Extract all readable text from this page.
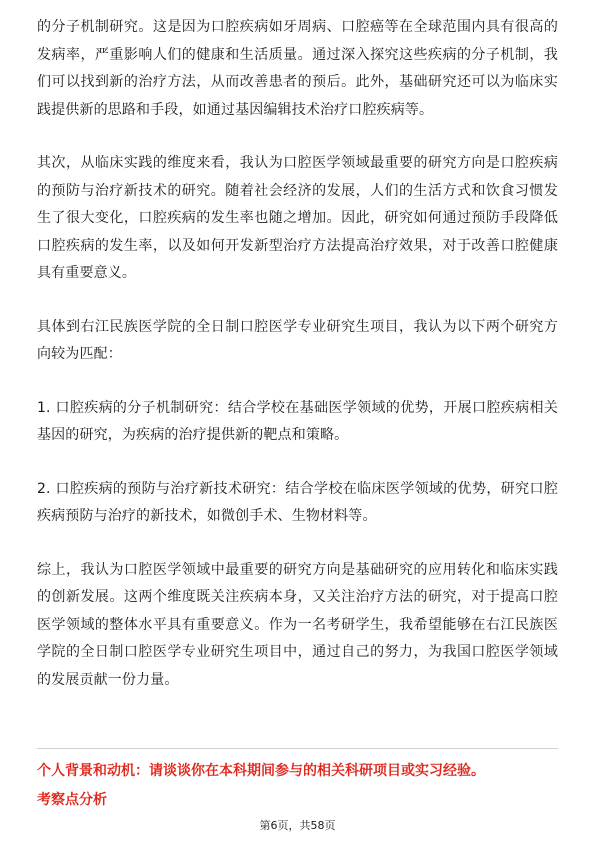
的分子机制研究。这是因为口腔疾病如牙周病、口腔癌等在全球范围内具有很高的发病率，严重影响人们的健康和生活质量。通过深入探究这些疾病的分子机制，我们可以找到新的治疗方法，从而改善患者的预后。此外，基础研究还可以为临床实践提供新的思路和手段，如通过基因编辑技术治疗口腔疾病等。

其次，从临床实践的维度来看，我认为口腔医学领域最重要的研究方向是口腔疾病的预防与治疗新技术的研究。随着社会经济的发展，人们的生活方式和饮食习惯发生了很大变化，口腔疾病的发生率也随之增加。因此，研究如何通过预防手段降低口腔疾病的发生率，以及如何开发新型治疗方法提高治疗效果，对于改善口腔健康具有重要意义。

具体到右江民族医学院的全日制口腔医学专业研究生项目，我认为以下两个研究方向较为匹配：

1. 口腔疾病的分子机制研究：结合学校在基础医学领域的优势，开展口腔疾病相关基因的研究，为疾病的治疗提供新的靶点和策略。

2. 口腔疾病的预防与治疗新技术研究：结合学校在临床医学领域的优势，研究口腔疾病预防与治疗的新技术，如微创手术、生物材料等。

综上，我认为口腔医学领域中最重要的研究方向是基础研究的应用转化和临床实践的创新发展。这两个维度既关注疾病本身，又关注治疗方法的研究，对于提高口腔医学领域的整体水平具有重要意义。作为一名考研学生，我希望能够在右江民族医学院的全日制口腔医学专业研究生项目中，通过自己的努力，为我国口腔医学领域的发展贡献一份力量。

个人背景和动机：请谈谈你在本科期间参与的相关科研项目或实习经验。

考察点分析

第6页，共58页
